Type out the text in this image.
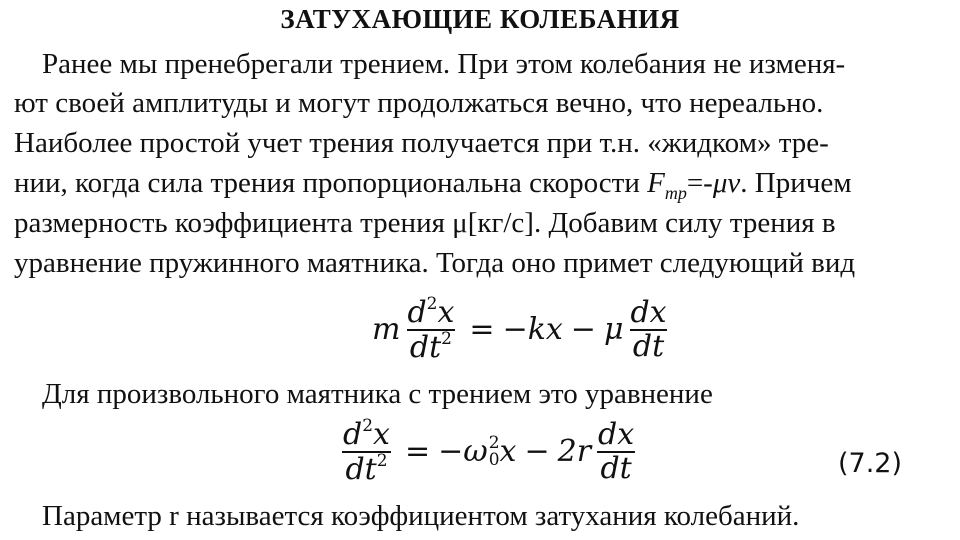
ЗАТУХАЮЩИЕ КОЛЕБАНИЯ
Ранее мы пренебрегали трением. При этом колебания не изменя-
ют своей амплитуды и могут продолжаться вечно, что нереально.
Наиболее простой учет трения получается при т.н. «жидком» тре-
нии, когда сила трения пропорциональна скорости $F_{тр}=-\mu\nu$. Причем
размерность коэффициента трения μ[кг/с]. Добавим силу трения в
уравнение пружинного маятника. Тогда оно примет следующий вид
m $\frac{d^2x}{dt^2} = -kx - \mu \frac{dx}{dt}$
Для произвольного маятника с трением это уравнение
$\frac{d^2x}{dt^2}$ = − ω 2
0 $x - 2r \frac{dx}{dt}$	(7.2)
Параметр r называется коэффициентом затухания колебаний.
